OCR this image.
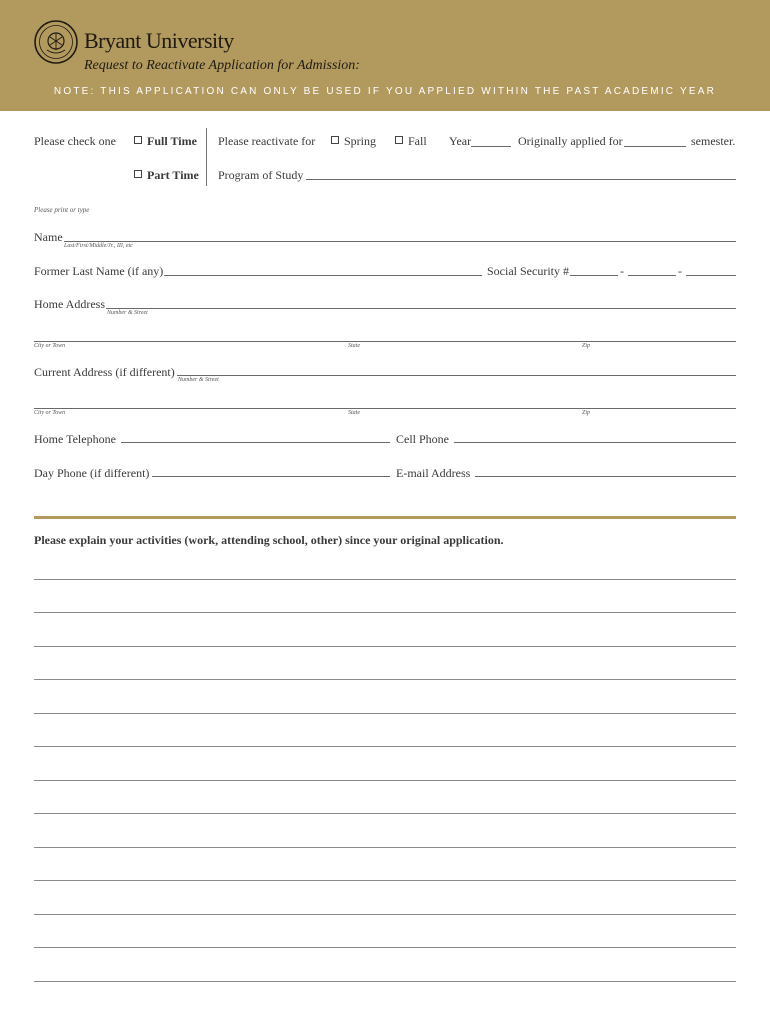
Bryant University
Request to Reactivate Application for Admission:
NOTE: THIS APPLICATION CAN ONLY BE USED IF YOU APPLIED WITHIN THE PAST ACADEMIC YEAR
Please check one	Full Time
Part Time
Please reactivate for Spring	Fall Year	Originally applied for	semester.
Program of Study
Please print or type
Name
Last/First/Middle/Jr., III, etc
Former Last Name (if any)	Social Security #	-	-
Home Address
Number & Street
City or Town	State	Zip
Current Address (if different)
Number & Street
City or Town	State	Zip
Home Telephone	Cell Phone
Day Phone (if different)	E-mail Address
Please explain your activities (work, attending school, other) since your original application.
